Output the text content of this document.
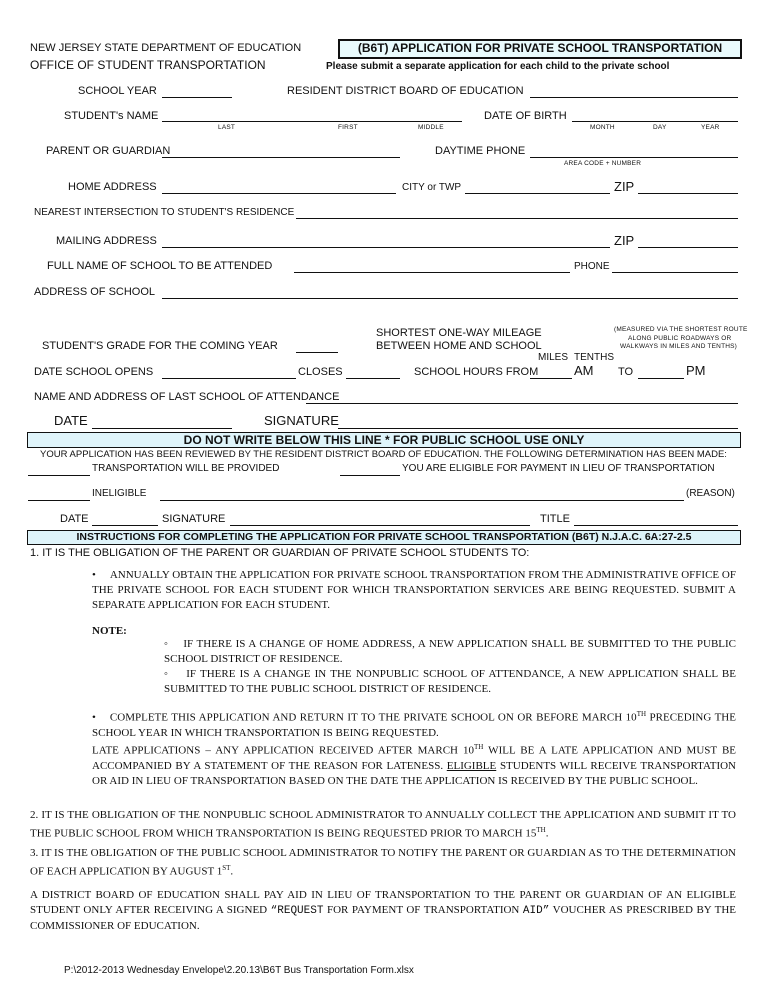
NEW JERSEY STATE DEPARTMENT OF EDUCATION
OFFICE OF STUDENT TRANSPORTATION
(B6T) APPLICATION FOR PRIVATE SCHOOL TRANSPORTATION
Please submit a separate application for each child to the private school
SCHOOL YEAR	RESIDENT DISTRICT BOARD OF EDUCATION
STUDENT's NAME
LAST	FIRST	MIDDLE
DATE OF BIRTH
MONTH	DAY	YEAR
PARENT OR GUARDIAN	DAYTIME PHONE
AREA CODE + NUMBER
HOME ADDRESS	CITY or TWP	ZIP
NEAREST INTERSECTION TO STUDENT'S RESIDENCE
MAILING ADDRESS	ZIP
FULL NAME OF SCHOOL TO BE ATTENDED	PHONE
ADDRESS OF SCHOOL
SHORTEST ONE-WAY MILEAGE
BETWEEN HOME AND SCHOOL
(MEASURED VIA THE SHORTEST ROUTE
ALONG PUBLIC ROADWAYS OR
WALKWAYS IN MILES AND TENTHS)
STUDENT'S GRADE FOR THE COMING YEAR
MILES TENTHS
DATE SCHOOL OPENS	CLOSES	SCHOOL HOURS FROM	AM TO	PM
NAME AND ADDRESS OF LAST SCHOOL OF ATTENDANCE
DATE	SIGNATURE
DO NOT WRITE BELOW THIS LINE * FOR PUBLIC SCHOOL USE ONLY
YOUR APPLICATION HAS BEEN REVIEWED BY THE RESIDENT DISTRICT BOARD OF EDUCATION. THE FOLLOWING DETERMINATION HAS BEEN MADE:
TRANSPORTATION WILL BE PROVIDED	YOU ARE ELIGIBLE FOR PAYMENT IN LIEU OF TRANSPORTATION
INELIGIBLE	(REASON)
DATE	SIGNATURE	TITLE
INSTRUCTIONS FOR COMPLETING THE APPLICATION FOR PRIVATE SCHOOL TRANSPORTATION (B6T) N.J.A.C. 6A:27-2.5
1. IT IS THE OBLIGATION OF THE PARENT OR GUARDIAN OF PRIVATE SCHOOL STUDENTS TO:
•     ANNUALLY OBTAIN THE APPLICATION FOR PRIVATE SCHOOL TRANSPORTATION FROM THE ADMINISTRATIVE OFFICE OF THE PRIVATE SCHOOL FOR EACH STUDENT FOR WHICH TRANSPORTATION SERVICES ARE BEING REQUESTED. SUBMIT A SEPARATE APPLICATION FOR EACH STUDENT.
NOTE:
◦    IF THERE IS A CHANGE OF HOME ADDRESS, A NEW APPLICATION SHALL BE SUBMITTED TO THE PUBLIC SCHOOL DISTRICT OF RESIDENCE.
◦    IF THERE IS A CHANGE IN THE NONPUBLIC SCHOOL OF ATTENDANCE, A NEW APPLICATION SHALL BE SUBMITTED TO THE PUBLIC SCHOOL DISTRICT OF RESIDENCE.
•    COMPLETE THIS APPLICATION AND RETURN IT TO THE PRIVATE SCHOOL ON OR BEFORE MARCH 10TH PRECEDING THE SCHOOL YEAR IN WHICH TRANSPORTATION IS BEING REQUESTED.
LATE APPLICATIONS – ANY APPLICATION RECEIVED AFTER MARCH 10TH WILL BE A LATE APPLICATION AND MUST BE ACCOMPANIED BY A STATEMENT OF THE REASON FOR LATENESS. ELIGIBLE STUDENTS WILL RECEIVE TRANSPORTATION OR AID IN LIEU OF TRANSPORTATION BASED ON THE DATE THE APPLICATION IS RECEIVED BY THE PUBLIC SCHOOL.
2. IT IS THE OBLIGATION OF THE NONPUBLIC SCHOOL ADMINISTRATOR TO ANNUALLY COLLECT THE APPLICATION AND SUBMIT IT TO THE PUBLIC SCHOOL FROM WHICH TRANSPORTATION IS BEING REQUESTED PRIOR TO MARCH 15TH.
3. IT IS THE OBLIGATION OF THE PUBLIC SCHOOL ADMINISTRATOR TO NOTIFY THE PARENT OR GUARDIAN AS TO THE DETERMINATION OF EACH APPLICATION BY AUGUST 1ST.
A DISTRICT BOARD OF EDUCATION SHALL PAY AID IN LIEU OF TRANSPORTATION TO THE PARENT OR GUARDIAN OF AN ELIGIBLE STUDENT ONLY AFTER RECEIVING A SIGNED “REQUEST FOR PAYMENT OF TRANSPORTATION AID” VOUCHER AS PRESCRIBED BY THE COMMISSIONER OF EDUCATION.
P:\2012-2013 Wednesday Envelope\2.20.13\B6T Bus Transportation Form.xlsx
